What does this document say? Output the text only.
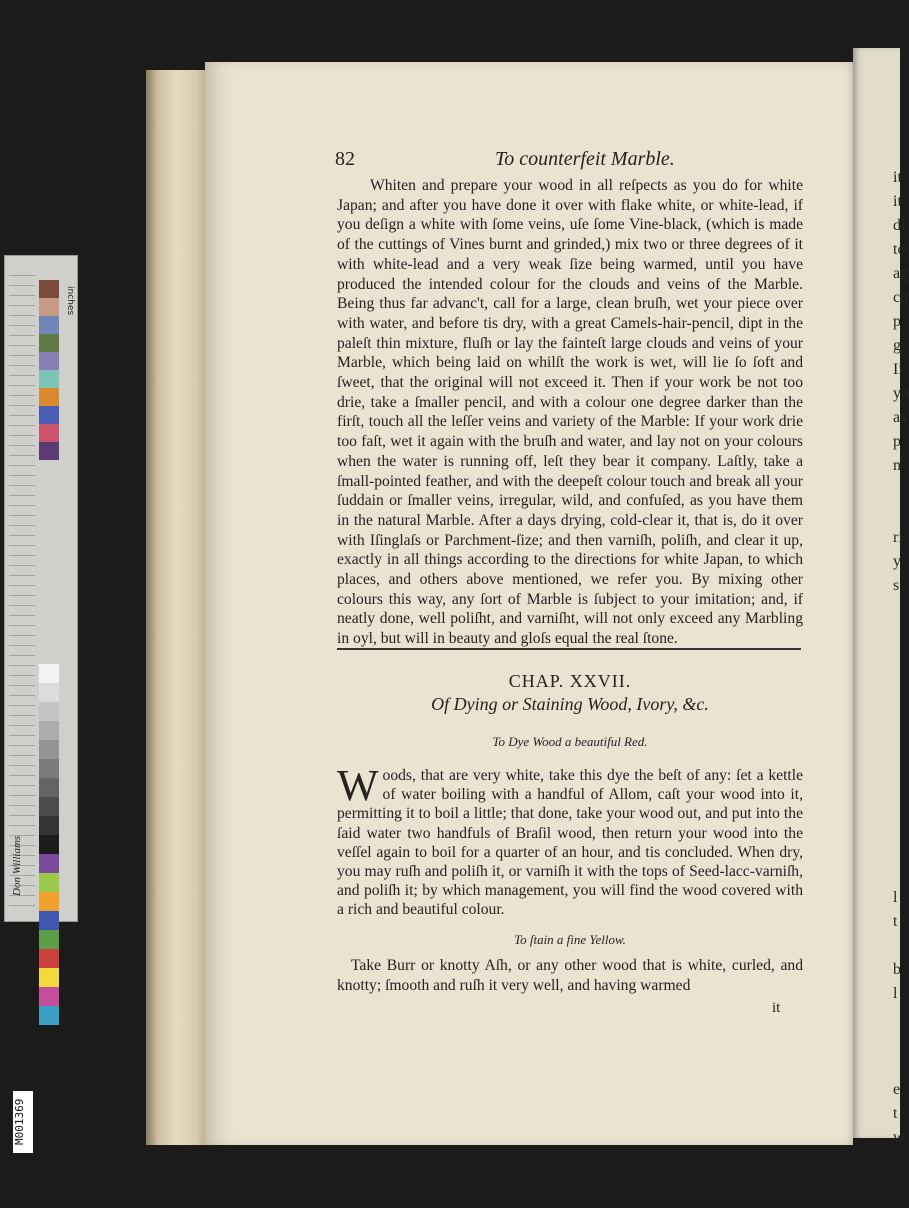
inches
centimeters
Don Williams
M001369
it
it
di
to
ag
cu
p
g
Ii
yo
as
p
n
ri
y
s
l
t
b
l
e
t
w
82	To counterfeit Marble.

Whiten and prepare your wood in all reſpects as you do for white Japan; and after you have done it over with flake white, or white-lead, if you deſign a white with ſome veins, uſe ſome Vine-black, (which is made of the cuttings of Vines burnt and grinded,) mix two or three degrees of it with white-lead and a very weak ſize being warmed, until you have produced the intended colour for the clouds and veins of the Marble. Being thus far advanc't, call for a large, clean bruſh, wet your piece over with water, and before tis dry, with a great Camels-hair-pencil, dipt in the paleſt thin mixture, fluſh or lay the fainteſt large clouds and veins of your Marble, which being laid on whilſt the work is wet, will lie ſo ſoft and ſweet, that the original will not exceed it. Then if your work be not too drie, take a ſmaller pencil, and with a colour one degree darker than the firſt, touch all the leſſer veins and variety of the Marble: If your work drie too faſt, wet it again with the bruſh and water, and lay not on your colours when the water is running off, leſt they bear it company. Laſtly, take a ſmall-pointed feather, and with the deepeſt colour touch and break all your ſuddain or ſmaller veins, irregular, wild, and confuſed, as you have them in the natural Marble. After a days drying, cold-clear it, that is, do it over with Iſinglaſs or Parchment-ſize; and then varniſh, poliſh, and clear it up, exactly in all things according to the directions for white Japan, to which places, and others above mentioned, we refer you. By mixing other colours this way, any ſort of Marble is ſubject to your imitation; and, if neatly done, well poliſht, and varniſht, will not only exceed any Marbling in oyl, but will in beauty and gloſs equal the real ſtone.

CHAP. XXVII.
Of Dying or Staining Wood, Ivory, &c.
To Dye Wood a beautiful Red.
W oods, that are very white, take this dye the beſt of any: ſet a kettle of water boiling with a handful of Allom, caſt your wood into it, permitting it to boil a little; that done, take your wood out, and put into the ſaid water two handfuls of Braſil wood, then return your wood into the veſſel again to boil for a quarter of an hour, and tis concluded. When dry, you may ruſh and poliſh it, or varniſh it with the tops of Seed-lacc-varniſh, and poliſh it; by which management, you will find the wood covered with a rich and beautiful colour.

To ſtain a fine Yellow.

Take Burr or knotty Aſh, or any other wood that is white, curled, and knotty; ſmooth and ruſh it very well, and having warmed

it
